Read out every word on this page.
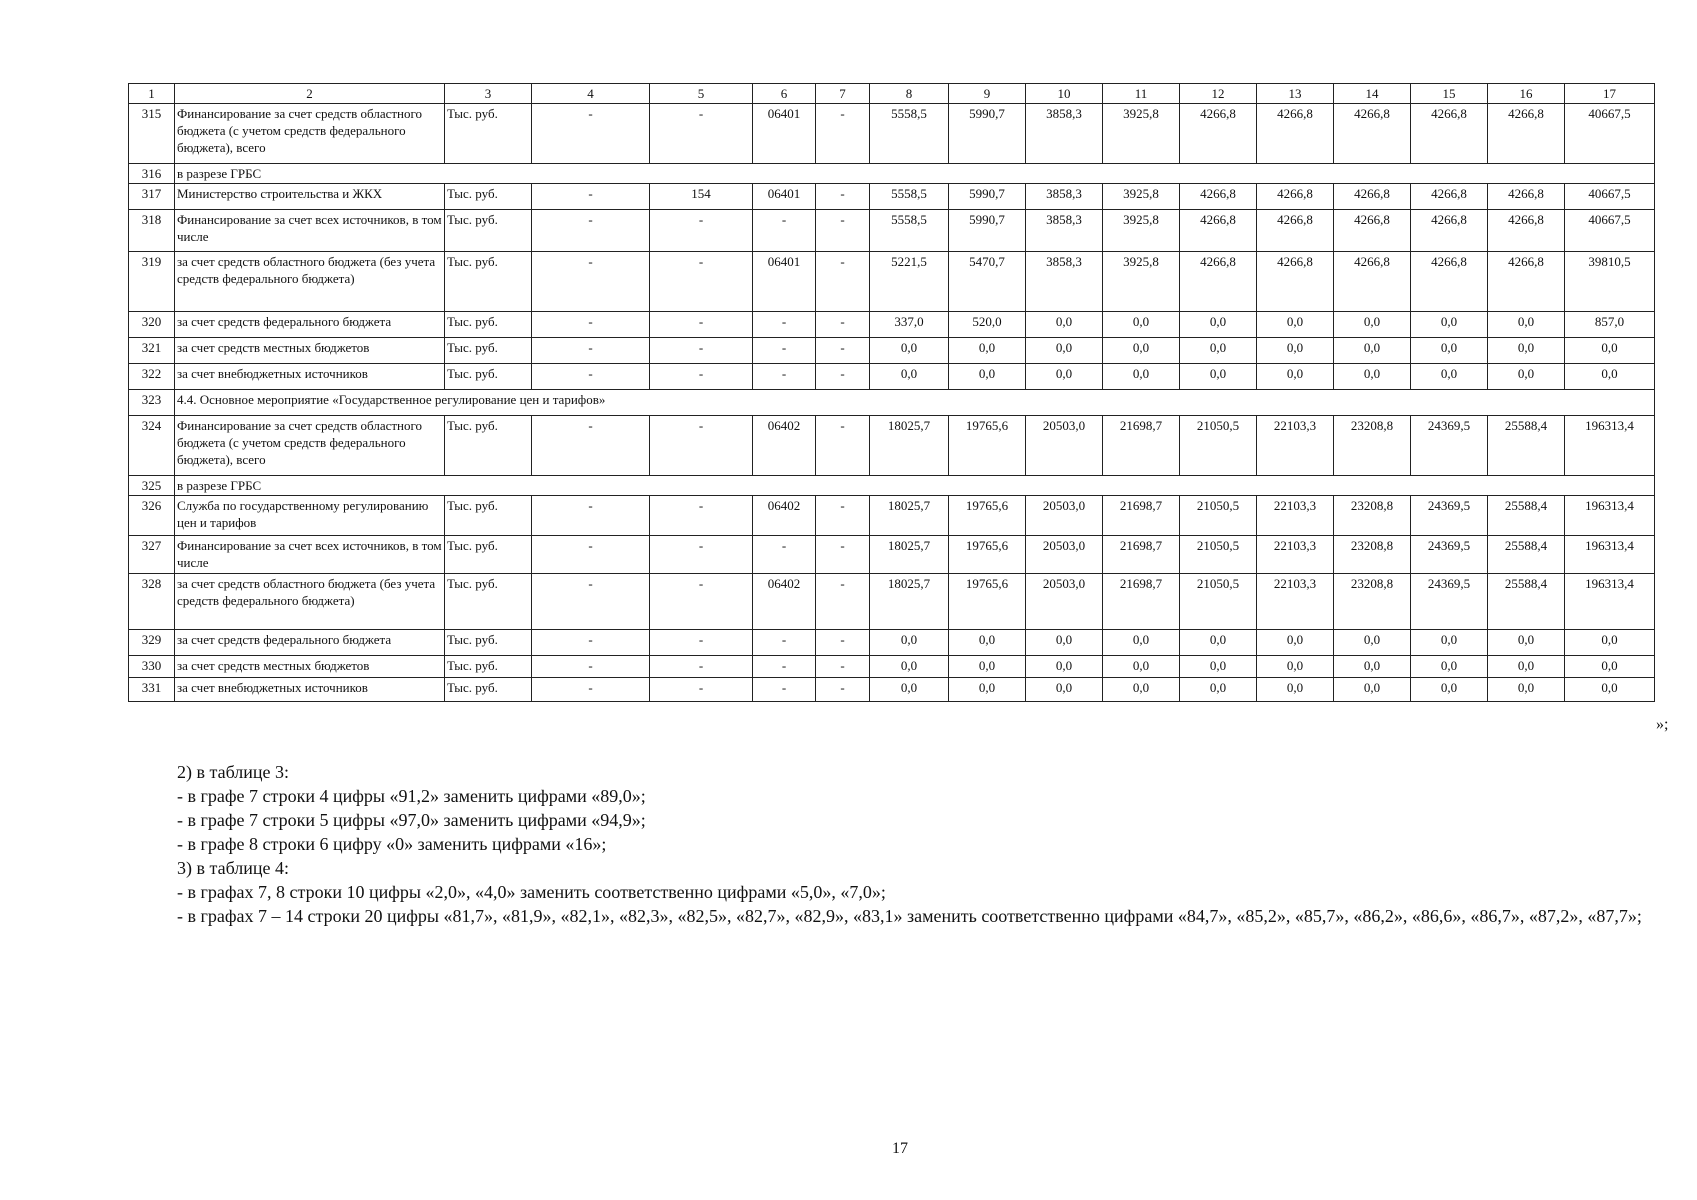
1	2	3	4	5	6	7	8	9	10	11	12	13	14	15	16	17
315	Финансирование за счет средств областного бюджета (с учетом средств федерального бюджета), всего	Тыс. руб.	-	-	06401	-	5558,5	5990,7	3858,3	3925,8	4266,8	4266,8	4266,8	4266,8	4266,8	40667,5
316	в разрезе ГРБС															
317	Министерство строительства и ЖКХ	Тыс. руб.	-	154	06401	-	5558,5	5990,7	3858,3	3925,8	4266,8	4266,8	4266,8	4266,8	4266,8	40667,5
318	Финансирование за счет всех источников, в том числе	Тыс. руб.	-	-	-	-	5558,5	5990,7	3858,3	3925,8	4266,8	4266,8	4266,8	4266,8	4266,8	40667,5
319	за счет средств областного бюджета (без учета средств федерального бюджета)	Тыс. руб.	-	-	06401	-	5221,5	5470,7	3858,3	3925,8	4266,8	4266,8	4266,8	4266,8	4266,8	39810,5
320	за счет средств федерального бюджета	Тыс. руб.	-	-	-	-	337,0	520,0	0,0	0,0	0,0	0,0	0,0	0,0	0,0	857,0
321	за счет средств местных бюджетов	Тыс. руб.	-	-	-	-	0,0	0,0	0,0	0,0	0,0	0,0	0,0	0,0	0,0	0,0
322	за счет внебюджетных источников	Тыс. руб.	-	-	-	-	0,0	0,0	0,0	0,0	0,0	0,0	0,0	0,0	0,0	0,0
323	4.4. Основное мероприятие «Государственное регулирование цен и тарифов»															
324	Финансирование за счет средств областного бюджета (с учетом средств федерального бюджета), всего	Тыс. руб.	-	-	06402	-	18025,7	19765,6	20503,0	21698,7	21050,5	22103,3	23208,8	24369,5	25588,4	196313,4
325	в разрезе ГРБС															
326	Служба по государственному регулированию цен и тарифов	Тыс. руб.	-	-	06402	-	18025,7	19765,6	20503,0	21698,7	21050,5	22103,3	23208,8	24369,5	25588,4	196313,4
327	Финансирование за счет всех источников, в том числе	Тыс. руб.	-	-	-	-	18025,7	19765,6	20503,0	21698,7	21050,5	22103,3	23208,8	24369,5	25588,4	196313,4
328	за счет средств областного бюджета (без учета средств федерального бюджета)	Тыс. руб.	-	-	06402	-	18025,7	19765,6	20503,0	21698,7	21050,5	22103,3	23208,8	24369,5	25588,4	196313,4
329	за счет средств федерального бюджета	Тыс. руб.	-	-	-	-	0,0	0,0	0,0	0,0	0,0	0,0	0,0	0,0	0,0	0,0
330	за счет средств местных бюджетов	Тыс. руб.	-	-	-	-	0,0	0,0	0,0	0,0	0,0	0,0	0,0	0,0	0,0	0,0
331	за счет внебюджетных источников	Тыс. руб.	-	-	-	-	0,0	0,0	0,0	0,0	0,0	0,0	0,0	0,0	0,0	0,0
»;
2) в таблице 3:
- в графе 7 строки 4 цифры «91,2» заменить цифрами «89,0»;
- в графе 7 строки 5 цифры «97,0» заменить цифрами «94,9»;
- в графе 8 строки 6 цифру «0» заменить цифрами «16»;
3) в таблице 4:
- в графах 7, 8 строки 10 цифры «2,0», «4,0» заменить соответственно цифрами «5,0», «7,0»;
- в графах 7 – 14 строки 20 цифры «81,7», «81,9», «82,1», «82,3», «82,5», «82,7», «82,9», «83,1» заменить соответственно цифрами «84,7», «85,2», «85,7», «86,2», «86,6», «86,7», «87,2», «87,7»;
17
